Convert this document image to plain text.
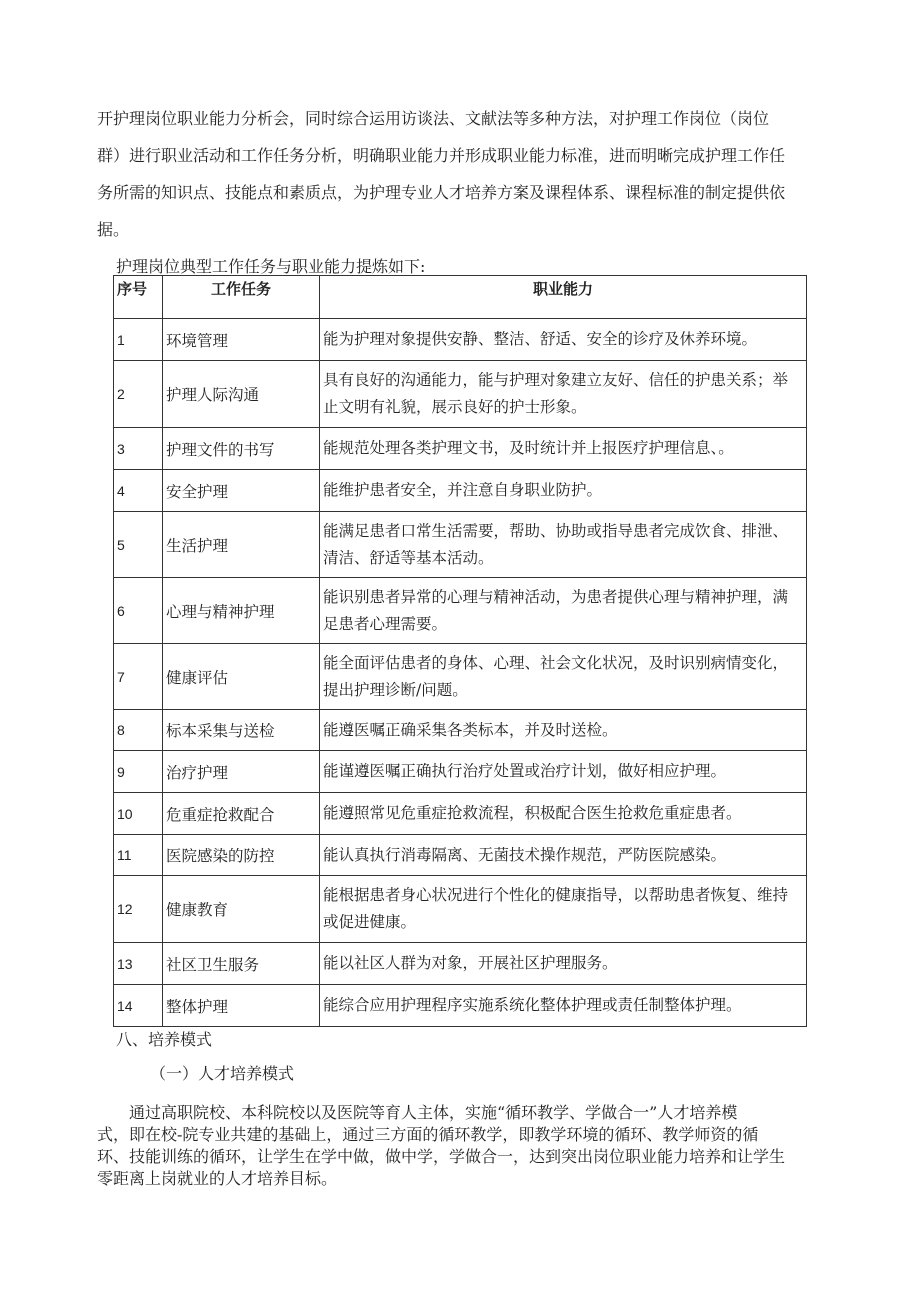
开护理岗位职业能力分析会，同时综合运用访谈法、文献法等多种方法，对护理工作岗位（岗位
群）进行职业活动和工作任务分析，明确职业能力并形成职业能力标准，进而明晰完成护理工作任
务所需的知识点、技能点和素质点，为护理专业人才培养方案及课程体系、课程标准的制定提供依
据。

护理岗位典型工作任务与职业能力提炼如下:

序号	工作任务	职业能力
1	环境管理	能为护理对象提供安静、整洁、舒适、安全的诊疗及休养环境。
2	护理人际沟通	具有良好的沟通能力，能与护理对象建立友好、信任的护患关系；举止文明有礼貌，展示良好的护士形象。
3	护理文件的书写	能规范处理各类护理文书，及时统计并上报医疗护理信息、。
4	安全护理	能维护患者安全，并注意自身职业防护。
5	生活护理	能满足患者口常生活需要，帮助、协助或指导患者完成饮食、排泄、清洁、舒适等基本活动。
6	心理与精神护理	能识别患者异常的心理与精神活动，为患者提供心理与精神护理，满足患者心理需要。
7	健康评估	能全面评估患者的身体、心理、社会文化状况，及时识别病情变化，提出护理诊断/问题。
8	标本采集与送检	能遵医嘱正确采集各类标本，并及时送检。
9	治疗护理	能谨遵医嘱正确执行治疗处置或治疗计划，做好相应护理。
10	危重症抢救配合	能遵照常见危重症抢救流程，积极配合医生抢救危重症患者。
11	医院感染的防控	能认真执行消毒隔离、无菌技术操作规范，严防医院感染。
12	健康教育	能根据患者身心状况进行个性化的健康指导，以帮助患者恢复、维持或促进健康。
13	社区卫生服务	能以社区人群为对象，开展社区护理服务。
14	整体护理	能综合应用护理程序实施系统化整体护理或责任制整体护理。

八、培养模式

（一）人才培养模式

通过高职院校、本科院校以及医院等育人主体，实施“循环教学、学做合一”人才培养模
式，即在校-院专业共建的基础上，通过三方面的循环教学，即教学环境的循环、教学师资的循
环、技能训练的循环，让学生在学中做，做中学，学做合一，达到突出岗位职业能力培养和让学生
零距离上岗就业的人才培养目标。
